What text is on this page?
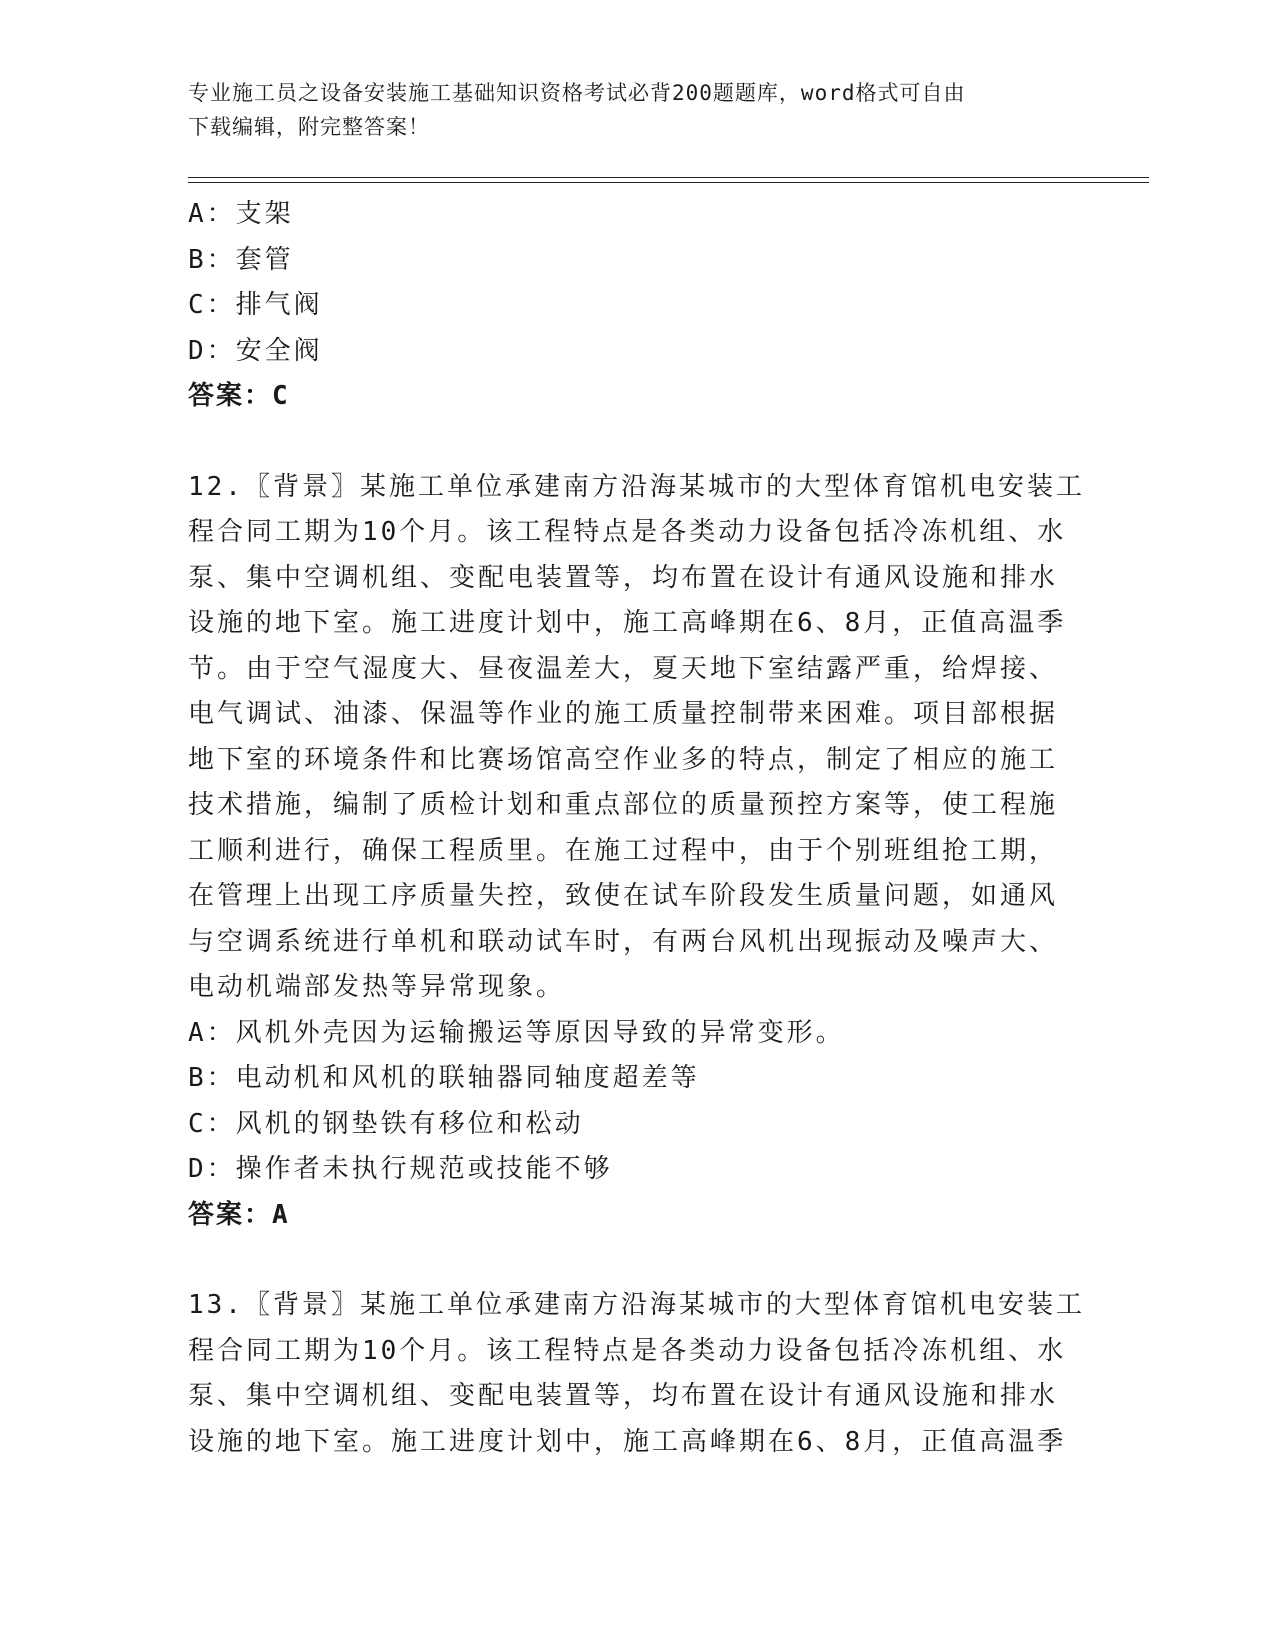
专业施工员之设备安装施工基础知识资格考试必背200题题库，word格式可自由
下载编辑，附完整答案！
A：支架
B：套管
C：排气阀
D：安全阀
答案：C
12.〖背景〗某施工单位承建南方沿海某城市的大型体育馆机电安装工
程合同工期为10个月。该工程特点是各类动力设备包括冷冻机组、水
泵、集中空调机组、变配电装置等，均布置在设计有通风设施和排水
设施的地下室。施工进度计划中，施工高峰期在6、8月，正值高温季
节。由于空气湿度大、昼夜温差大，夏天地下室结露严重，给焊接、
电气调试、油漆、保温等作业的施工质量控制带来困难。项目部根据
地下室的环境条件和比赛场馆高空作业多的特点，制定了相应的施工
技术措施，编制了质检计划和重点部位的质量预控方案等，使工程施
工顺利进行，确保工程质里。在施工过程中，由于个别班组抢工期，
在管理上出现工序质量失控，致使在试车阶段发生质量问题，如通风
与空调系统进行单机和联动试车时，有两台风机出现振动及噪声大、
电动机端部发热等异常现象。
A：风机外壳因为运输搬运等原因导致的异常变形。
B：电动机和风机的联轴器同轴度超差等
C：风机的钢垫铁有移位和松动
D：操作者未执行规范或技能不够
答案：A
13.〖背景〗某施工单位承建南方沿海某城市的大型体育馆机电安装工
程合同工期为10个月。该工程特点是各类动力设备包括冷冻机组、水
泵、集中空调机组、变配电装置等，均布置在设计有通风设施和排水
设施的地下室。施工进度计划中，施工高峰期在6、8月，正值高温季
